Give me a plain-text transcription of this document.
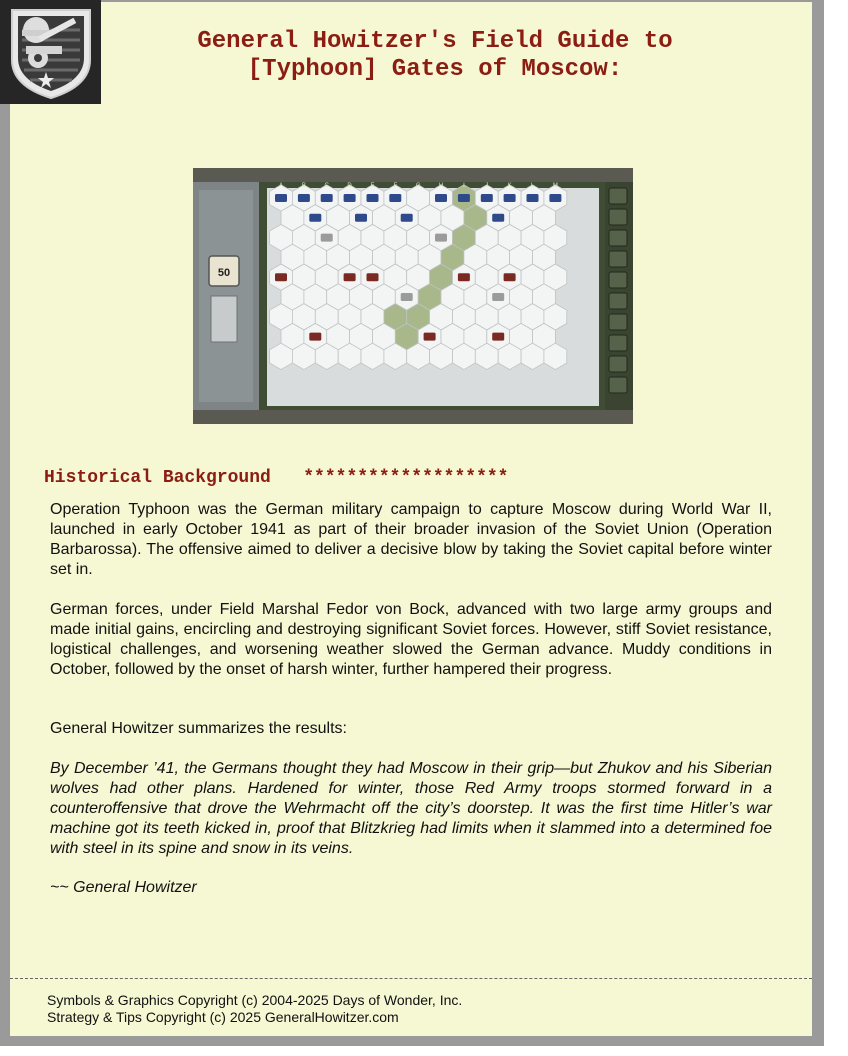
General Howitzer's Field Guide to
[Typhoon] Gates of Moscow:
50
A	B	C	D	E	F	G	H	I	J	K	L	M
Historical Background *******************

Operation Typhoon was the German military campaign to capture Moscow during World War II, launched in early October 1941 as part of their broader invasion of the Soviet Union (Operation Barbarossa). The offensive aimed to deliver a decisive blow by taking the Soviet capital before winter set in.

German forces, under Field Marshal Fedor von Bock, advanced with two large army groups and made initial gains, encircling and destroying significant Soviet forces. However, stiff Soviet resistance, logistical challenges, and worsening weather slowed the German advance. Muddy conditions in October, followed by the onset of harsh winter, further hampered their progress.

General Howitzer summarizes the results:

By December ’41, the Germans thought they had Moscow in their grip—but Zhukov and his Siberian wolves had other plans. Hardened for winter, those Red Army troops stormed forward in a counteroffensive that drove the Wehrmacht off the city’s doorstep. It was the first time Hitler’s war machine got its teeth kicked in, proof that Blitzkrieg had limits when it slammed into a determined foe with steel in its spine and snow in its veins.

~~ General Howitzer

Symbols & Graphics Copyright (c) 2004-2025 Days of Wonder, Inc.
Strategy & Tips Copyright (c) 2025 GeneralHowitzer.com
